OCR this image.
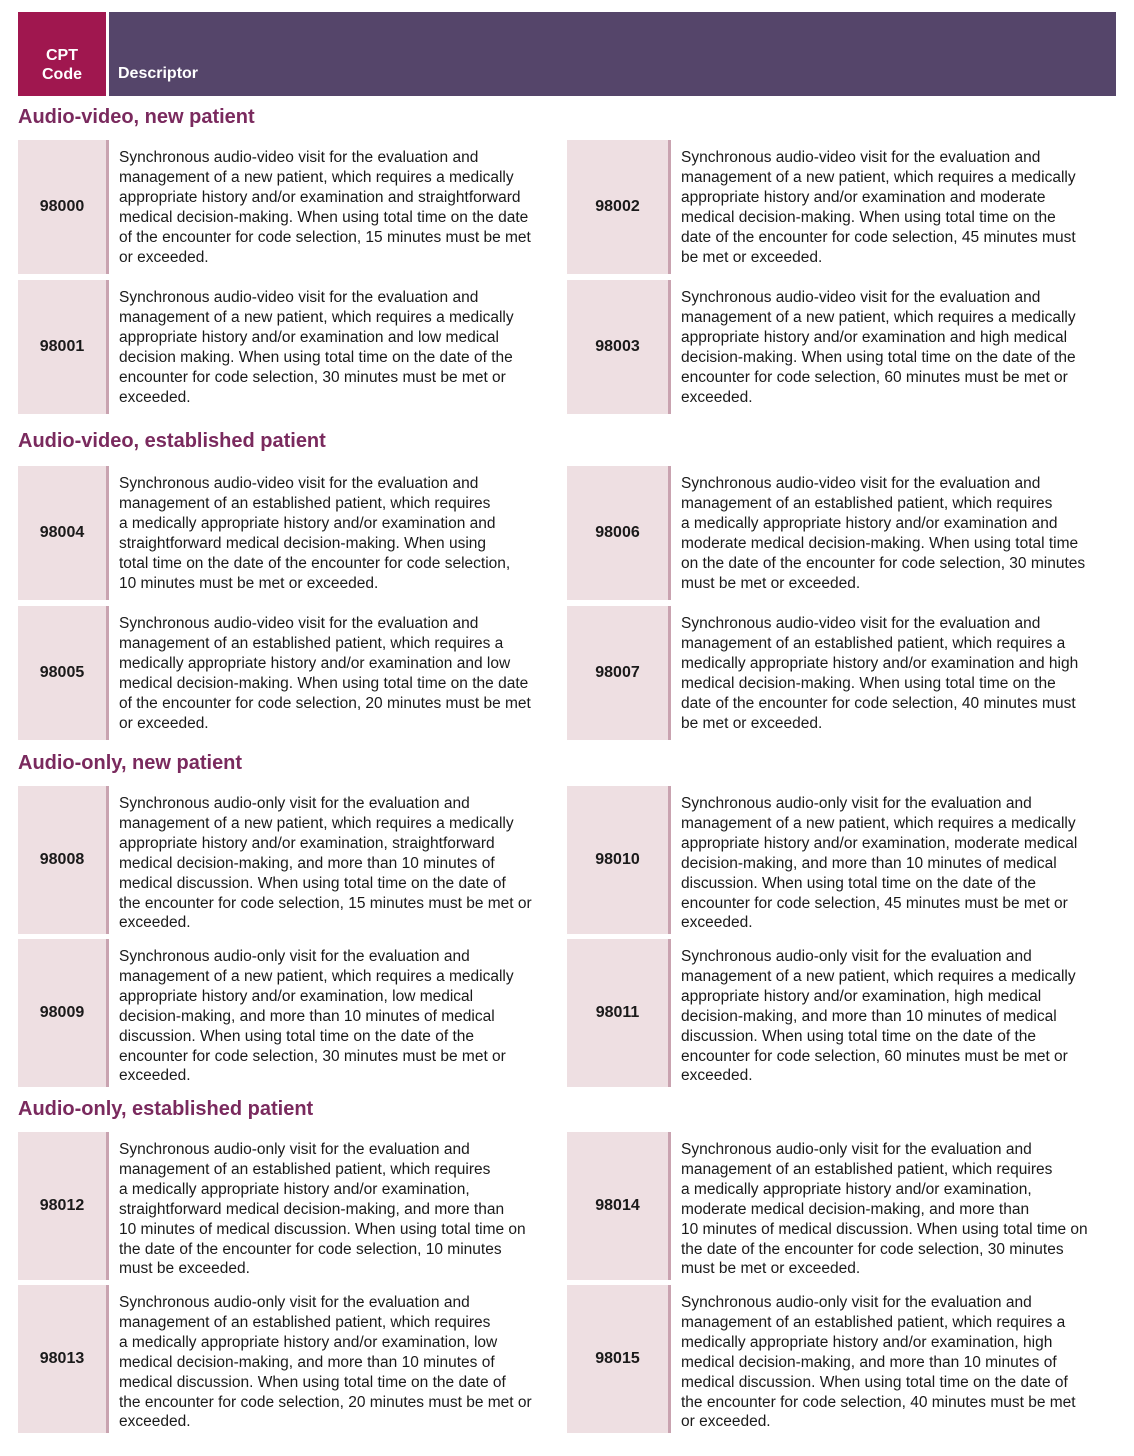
CPT
Code	Descriptor
Audio-video, new patient
98000
Synchronous audio-video visit for the evaluation and
management of a new patient, which requires a medically
appropriate history and/or examination and straightforward
medical decision-making. When using total time on the date
of the encounter for code selection, 15 minutes must be met
or exceeded.
98002
Synchronous audio-video visit for the evaluation and
management of a new patient, which requires a medically
appropriate history and/or examination and moderate
medical decision-making. When using total time on the
date of the encounter for code selection, 45 minutes must
be met or exceeded.
98001
Synchronous audio-video visit for the evaluation and
management of a new patient, which requires a medically
appropriate history and/or examination and low medical
decision making. When using total time on the date of the
encounter for code selection, 30 minutes must be met or
exceeded.
98003
Synchronous audio-video visit for the evaluation and
management of a new patient, which requires a medically
appropriate history and/or examination and high medical
decision-making. When using total time on the date of the
encounter for code selection, 60 minutes must be met or
exceeded.
Audio-video, established patient
98004
Synchronous audio-video visit for the evaluation and
management of an established patient, which requires
a medically appropriate history and/or examination and
straightforward medical decision-making. When using
total time on the date of the encounter for code selection,
10 minutes must be met or exceeded.
98006
Synchronous audio-video visit for the evaluation and
management of an established patient, which requires
a medically appropriate history and/or examination and
moderate medical decision-making. When using total time
on the date of the encounter for code selection, 30 minutes
must be met or exceeded.
98005
Synchronous audio-video visit for the evaluation and
management of an established patient, which requires a
medically appropriate history and/or examination and low
medical decision-making. When using total time on the date
of the encounter for code selection, 20 minutes must be met
or exceeded.
98007
Synchronous audio-video visit for the evaluation and
management of an established patient, which requires a
medically appropriate history and/or examination and high
medical decision-making. When using total time on the
date of the encounter for code selection, 40 minutes must
be met or exceeded.
Audio-only, new patient
98008
Synchronous audio-only visit for the evaluation and
management of a new patient, which requires a medically
appropriate history and/or examination, straightforward
medical decision-making, and more than 10 minutes of
medical discussion. When using total time on the date of
the encounter for code selection, 15 minutes must be met or
exceeded.
98010
Synchronous audio-only visit for the evaluation and
management of a new patient, which requires a medically
appropriate history and/or examination, moderate medical
decision-making, and more than 10 minutes of medical
discussion. When using total time on the date of the
encounter for code selection, 45 minutes must be met or
exceeded.
98009
Synchronous audio-only visit for the evaluation and
management of a new patient, which requires a medically
appropriate history and/or examination, low medical
decision-making, and more than 10 minutes of medical
discussion. When using total time on the date of the
encounter for code selection, 30 minutes must be met or
exceeded.
98011
Synchronous audio-only visit for the evaluation and
management of a new patient, which requires a medically
appropriate history and/or examination, high medical
decision-making, and more than 10 minutes of medical
discussion. When using total time on the date of the
encounter for code selection, 60 minutes must be met or
exceeded.
Audio-only, established patient
98012
Synchronous audio-only visit for the evaluation and
management of an established patient, which requires
a medically appropriate history and/or examination,
straightforward medical decision-making, and more than
10 minutes of medical discussion. When using total time on
the date of the encounter for code selection, 10 minutes
must be exceeded.
98014
Synchronous audio-only visit for the evaluation and
management of an established patient, which requires
a medically appropriate history and/or examination,
moderate medical decision-making, and more than
10 minutes of medical discussion. When using total time on
the date of the encounter for code selection, 30 minutes
must be met or exceeded.
98013
Synchronous audio-only visit for the evaluation and
management of an established patient, which requires
a medically appropriate history and/or examination, low
medical decision-making, and more than 10 minutes of
medical discussion. When using total time on the date of
the encounter for code selection, 20 minutes must be met or
exceeded.
98015
Synchronous audio-only visit for the evaluation and
management of an established patient, which requires a
medically appropriate history and/or examination, high
medical decision-making, and more than 10 minutes of
medical discussion. When using total time on the date of
the encounter for code selection, 40 minutes must be met
or exceeded.
